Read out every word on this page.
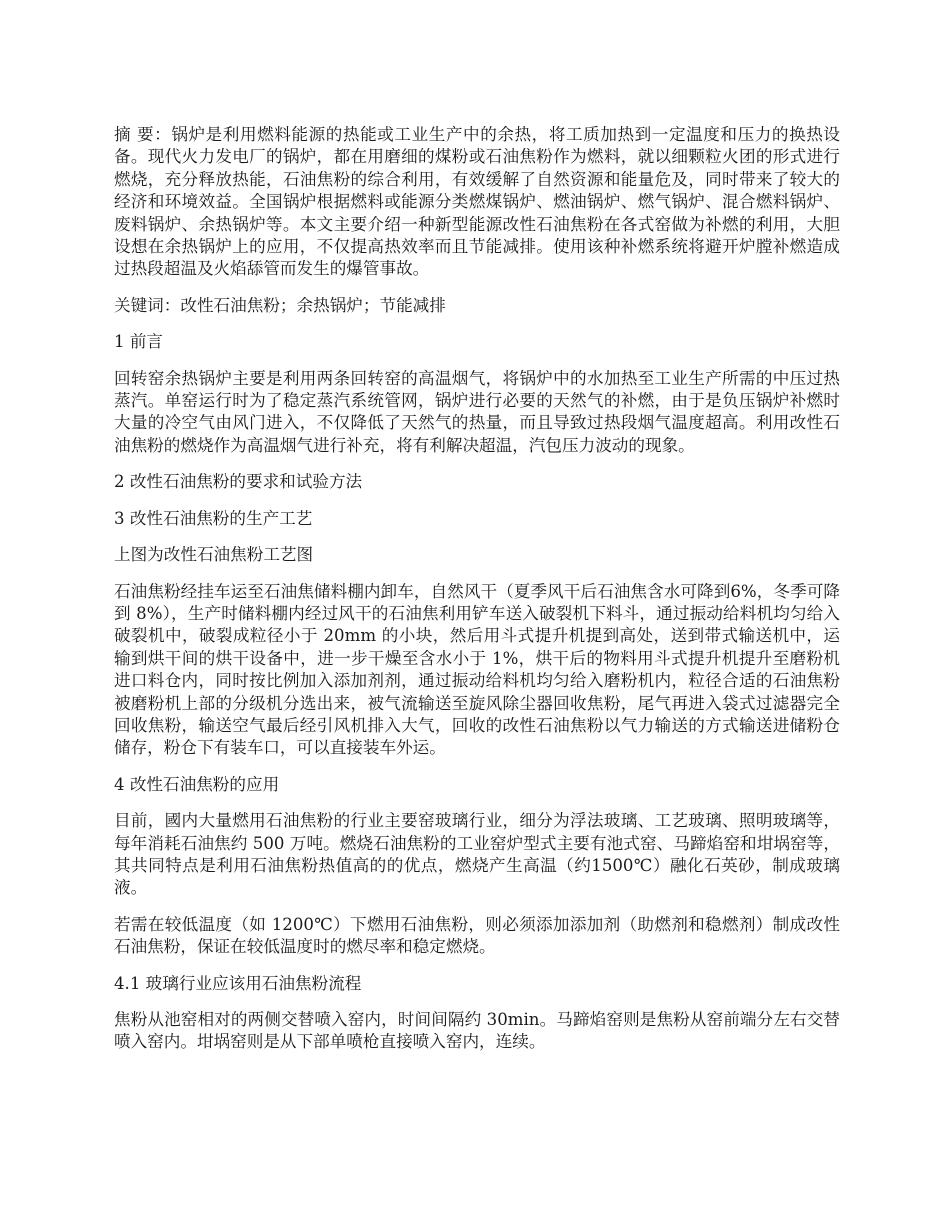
摘 要：锅炉是利用燃料能源的热能或工业生产中的余热，将工质加热到一定温度和压力的换热设备。现代火力发电厂的锅炉，都在用磨细的煤粉或石油焦粉作为燃料，就以细颗粒火团的形式进行燃烧，充分释放热能，石油焦粉的综合利用，有效缓解了自然资源和能量危及，同时带来了较大的经济和环境效益。全国锅炉根据燃料或能源分类燃煤锅炉、燃油锅炉、燃气锅炉、混合燃料锅炉、废料锅炉、余热锅炉等。本文主要介绍一种新型能源改性石油焦粉在各式窑做为补燃的利用，大胆设想在余热锅炉上的应用，不仅提高热效率而且节能减排。使用该种补燃系统将避开炉膛补燃造成过热段超温及火焰舔管而发生的爆管事故。

关键词：改性石油焦粉；余热锅炉；节能减排

1 前言

回转窑余热锅炉主要是利用两条回转窑的高温烟气，将锅炉中的水加热至工业生产所需的中压过热蒸汽。单窑运行时为了稳定蒸汽系统管网，锅炉进行必要的天然气的补燃，由于是负压锅炉补燃时大量的冷空气由风门进入，不仅降低了天然气的热量，而且导致过热段烟气温度超高。利用改性石油焦粉的燃烧作为高温烟气进行补充，将有利解决超温，汽包压力波动的现象。

2 改性石油焦粉的要求和试验方法

3 改性石油焦粉的生产工艺

上图为改性石油焦粉工艺图

石油焦粉经挂车运至石油焦储料棚内卸车，自然风干（夏季风干后石油焦含水可降到6%，冬季可降到 8%），生产时储料棚内经过风干的石油焦利用铲车送入破裂机下料斗，通过振动给料机均匀给入破裂机中，破裂成粒径小于 20mm 的小块，然后用斗式提升机提到高处，送到带式输送机中，运输到烘干间的烘干设备中，进一步干燥至含水小于 1%，烘干后的物料用斗式提升机提升至磨粉机进口料仓内，同时按比例加入添加剂剂，通过振动给料机均匀给入磨粉机内，粒径合适的石油焦粉被磨粉机上部的分级机分选出来，被气流输送至旋风除尘器回收焦粉，尾气再进入袋式过滤器完全回收焦粉，输送空气最后经引风机排入大气，回收的改性石油焦粉以气力输送的方式输送进储粉仓储存，粉仓下有装车口，可以直接装车外运。

4 改性石油焦粉的应用

目前，國内大量燃用石油焦粉的行业主要窑玻璃行业，细分为浮法玻璃、工艺玻璃、照明玻璃等，每年消耗石油焦约 500 万吨。燃烧石油焦粉的工业窑炉型式主要有池式窑、马蹄焰窑和坩埚窑等，其共同特点是利用石油焦粉热值高的的优点，燃烧产生高温（约1500℃）融化石英砂，制成玻璃液。

若需在较低温度（如 1200℃）下燃用石油焦粉，则必须添加添加剂（助燃剂和稳燃剂）制成改性石油焦粉，保证在较低温度时的燃尽率和稳定燃烧。

4.1 玻璃行业应该用石油焦粉流程

焦粉从池窑相对的两侧交替喷入窑内，时间间隔约 30min。马蹄焰窑则是焦粉从窑前端分左右交替喷入窑内。坩埚窑则是从下部单喷枪直接喷入窑内，连续。
